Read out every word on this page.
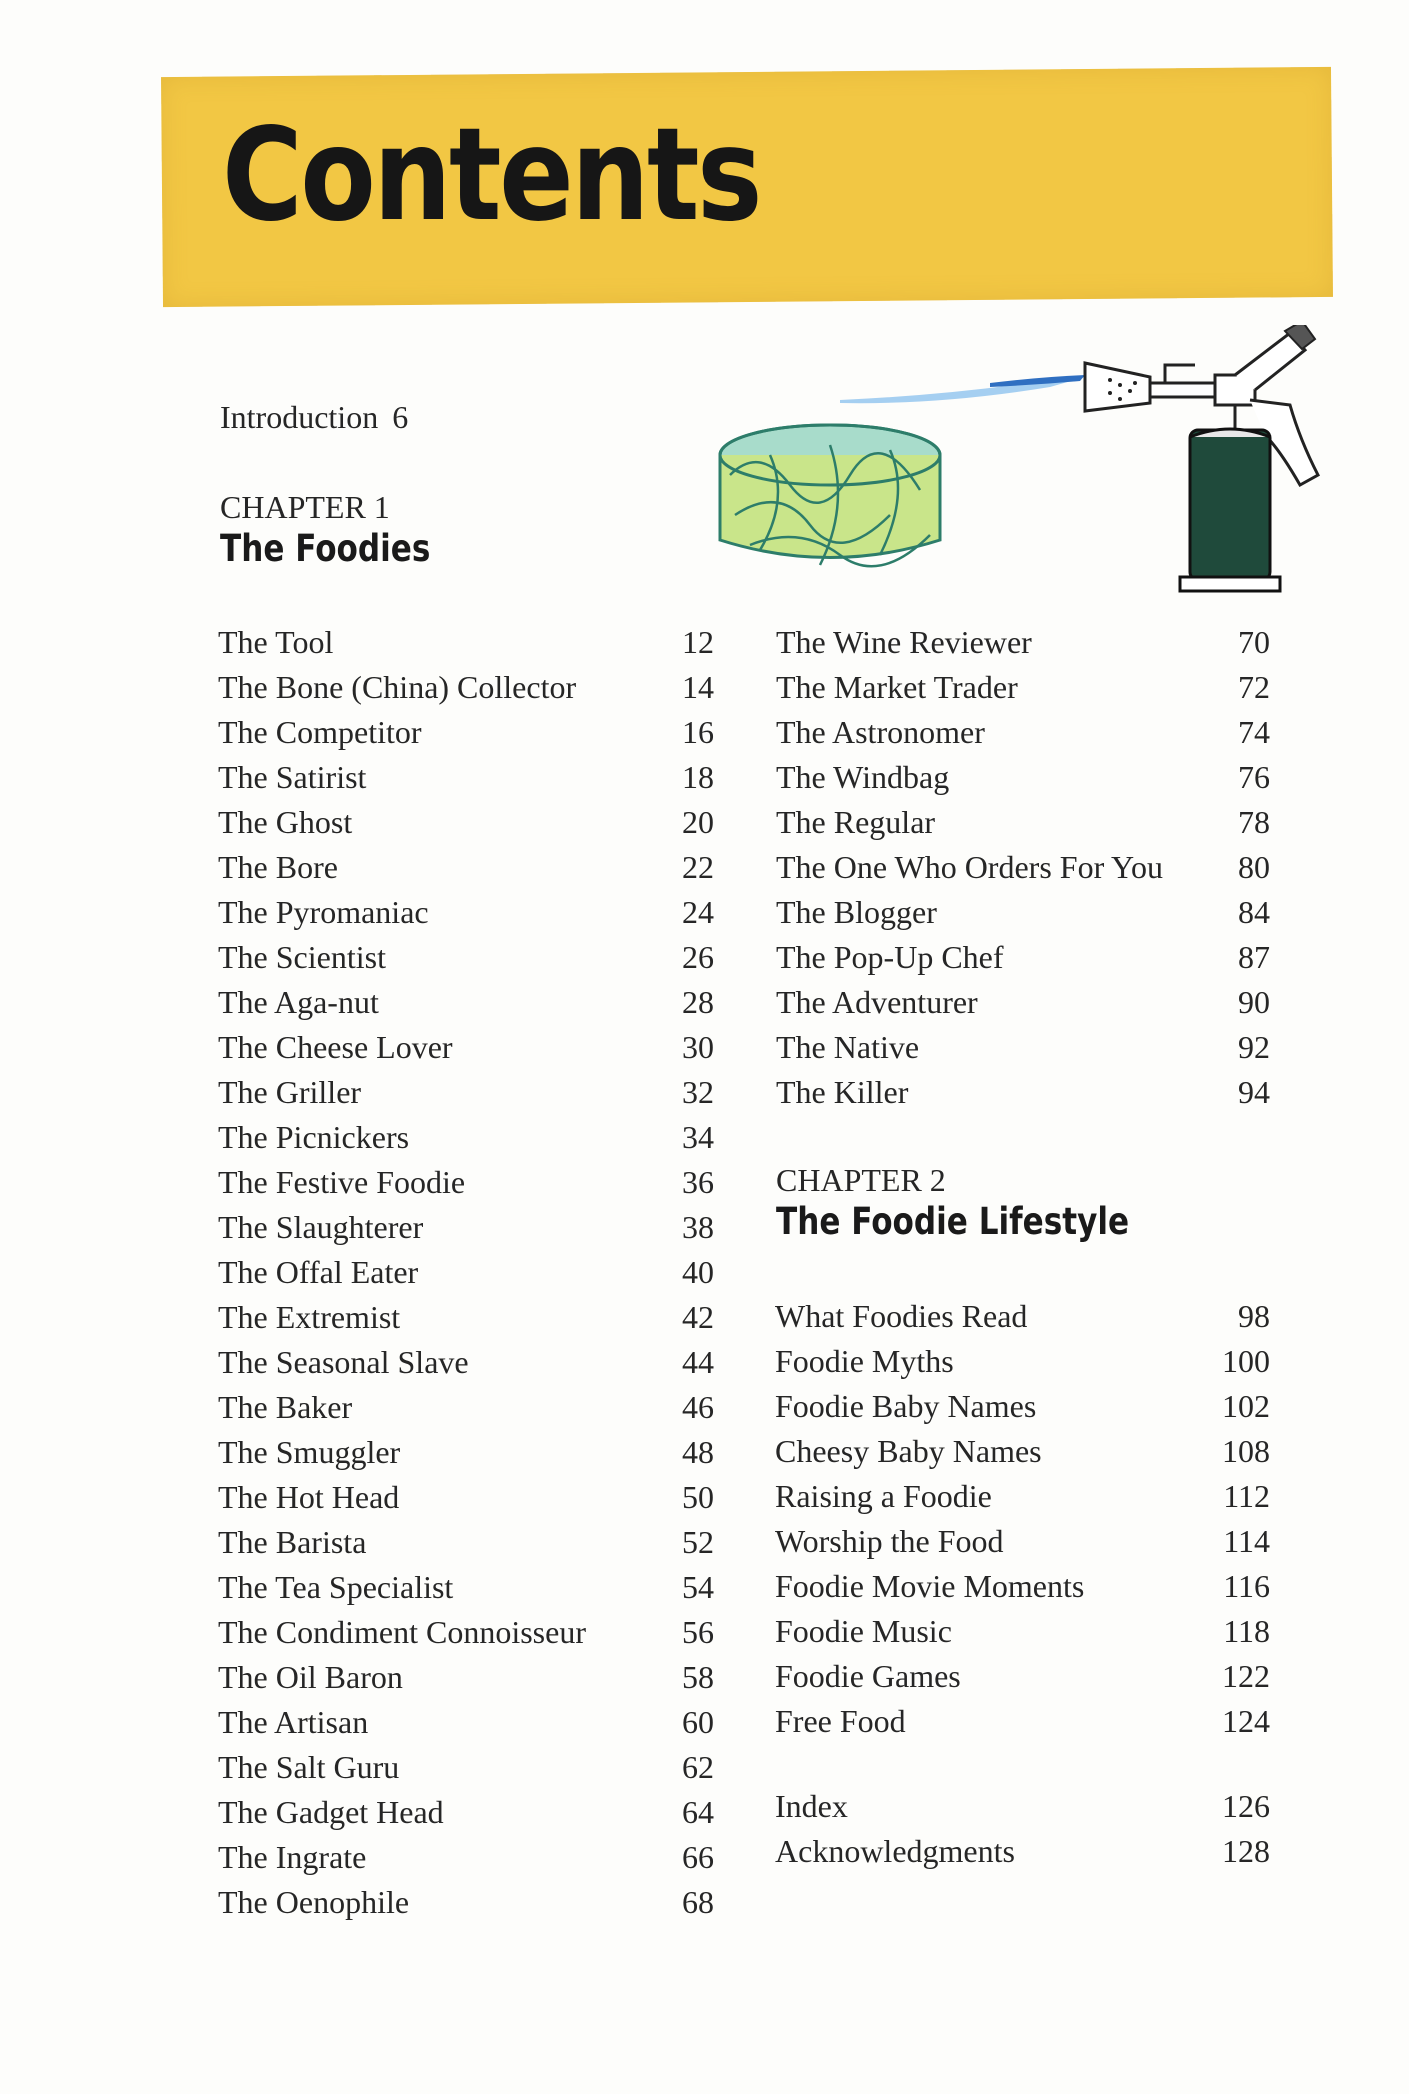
Contents
Introduction 6
CHAPTER 1
The Foodies
The Tool	12
The Bone (China) Collector	14
The Competitor	16
The Satirist	18
The Ghost	20
The Bore	22
The Pyromaniac	24
The Scientist	26
The Aga-nut	28
The Cheese Lover	30
The Griller	32
The Picnickers	34
The Festive Foodie	36
The Slaughterer	38
The Offal Eater	40
The Extremist	42
The Seasonal Slave	44
The Baker	46
The Smuggler	48
The Hot Head	50
The Barista	52
The Tea Specialist	54
The Condiment Connoisseur	56
The Oil Baron	58
The Artisan	60
The Salt Guru	62
The Gadget Head	64
The Ingrate	66
The Oenophile	68
The Wine Reviewer	70
The Market Trader	72
The Astronomer	74
The Windbag	76
The Regular	78
The One Who Orders For You 80
The Blogger	84
The Pop-Up Chef	87
The Adventurer	90
The Native	92
The Killer	94
CHAPTER 2
The Foodie Lifestyle
What Foodies Read	98
Foodie Myths	100
Foodie Baby Names	102
Cheesy Baby Names	108
Raising a Foodie	112
Worship the Food	114
Foodie Movie Moments	116
Foodie Music	118
Foodie Games	122
Free Food	124
Index	126
Acknowledgments	128
